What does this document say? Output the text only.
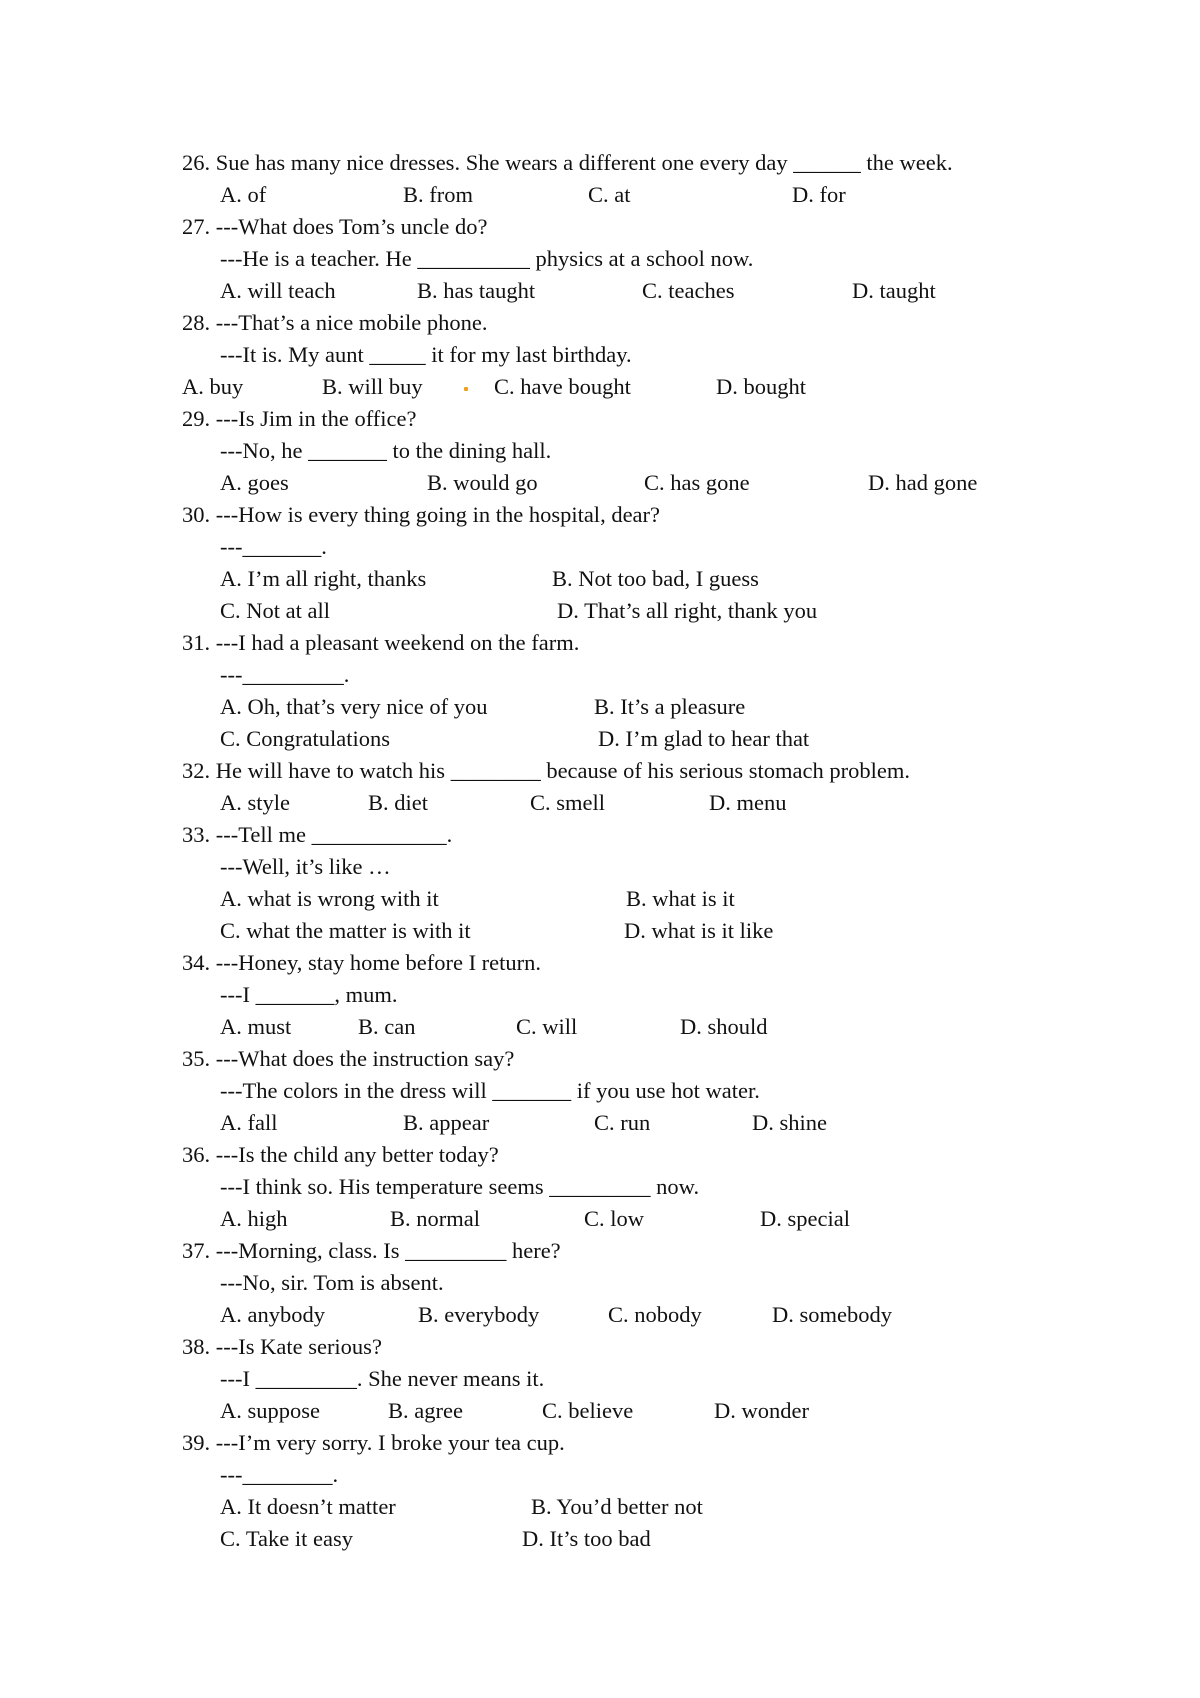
26. Sue has many nice dresses. She wears a different one every day ______ the week.
A. of	B. from	C. at	D. for
27. ---What does Tom’s uncle do?
---He is a teacher. He __________ physics at a school now.
A. will teach	B. has taught	C. teaches	D. taught
28. ---That’s a nice mobile phone.
---It is. My aunt _____ it for my last birthday.
A. buy	B. will buy	C. have bought	D. bought
29. ---Is Jim in the office?
---No, he _______ to the dining hall.
A. goes	B. would go	C. has gone	D. had gone
30. ---How is every thing going in the hospital, dear?
---_______.
A. I’m all right, thanks	B. Not too bad, I guess
C. Not at all	D. That’s all right, thank you
31. ---I had a pleasant weekend on the farm.
---_________.
A. Oh, that’s very nice of you	B. It’s a pleasure
C. Congratulations	D. I’m glad to hear that
32. He will have to watch his ________ because of his serious stomach problem.
A. style	B. diet	C. smell	D. menu
33. ---Tell me ____________.
---Well, it’s like …
A. what is wrong with it	B. what is it
C. what the matter is with it	D. what is it like
34. ---Honey, stay home before I return.
---I _______, mum.
A. must	B. can	C. will	D. should
35. ---What does the instruction say?
---The colors in the dress will _______ if you use hot water.
A. fall	B. appear	C. run	D. shine
36. ---Is the child any better today?
---I think so. His temperature seems _________ now.
A. high	B. normal	C. low	D. special
37. ---Morning, class. Is _________ here?
---No, sir. Tom is absent.
A. anybody	B. everybody	C. nobody	D. somebody
38. ---Is Kate serious?
---I _________. She never means it.
A. suppose	B. agree	C. believe	D. wonder
39. ---I’m very sorry. I broke your tea cup.
---________.
A. It doesn’t matter	B. You’d better not
C. Take it easy	D. It’s too bad
